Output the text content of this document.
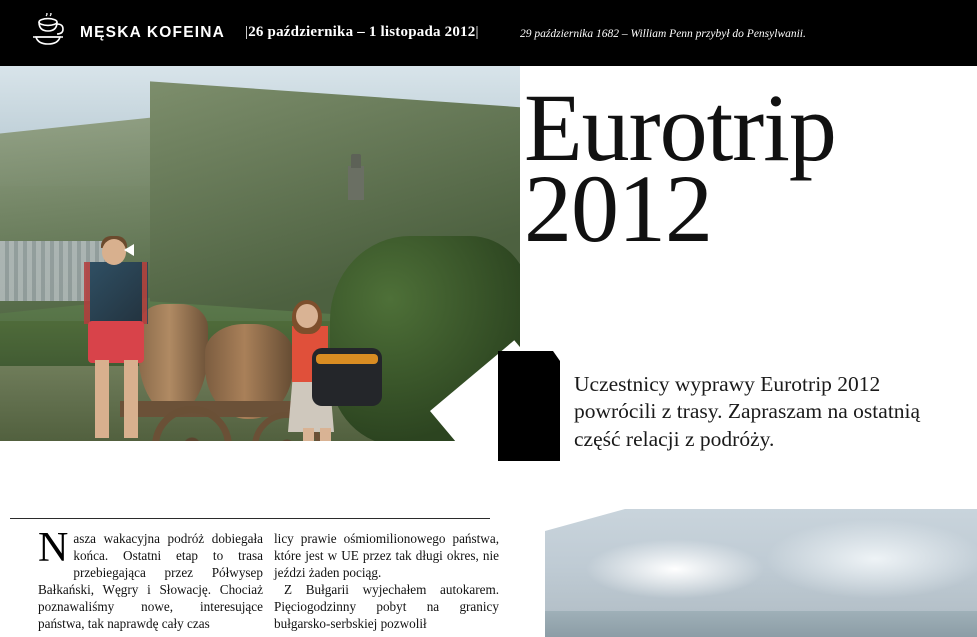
MĘSKA KOFEINA |26 października – 1 listopada 2012|	29 października 1682 – William Penn przybył do Pensylwanii.
Eurotrip
2012
Uczestnicy wyprawy Eurotrip 2012 powrócili z trasy. Zapraszam na ostatnią część relacji z podróży.

Nasza wakacyjna podróż dobiegała końca. Ostatni etap to trasa przebiegająca przez Półwysep Bałkański, Węgry i Słowację. Chociaż poznawaliśmy nowe, interesujące państwa, tak naprawdę cały czas

licy prawie ośmiomilionowego państwa, które jest w UE przez tak długi okres, nie jeździ żaden pociąg.

Z Bułgarii wyjechałem autokarem. Pięciogodzinny pobyt na granicy bułgarsko-serbskiej pozwolił
